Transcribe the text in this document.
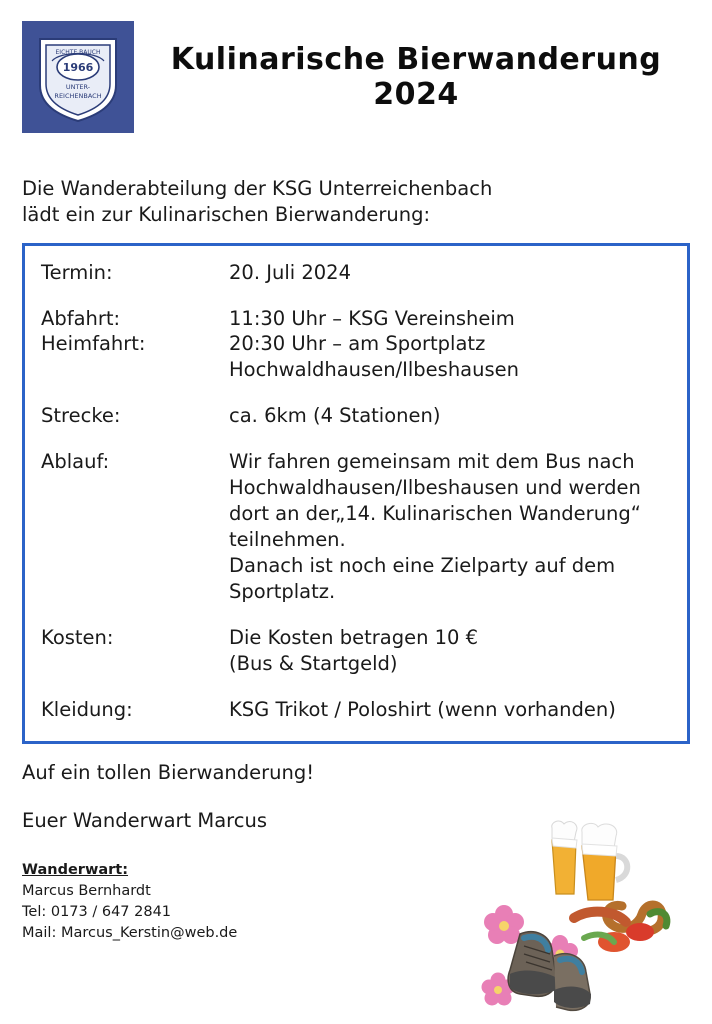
1966
EICHTE BAUCH
UNTER-
REICHENBACH
Kulinarische Bierwanderung 2024
Die Wanderabteilung der KSG Unterreichenbach
lädt ein zur Kulinarischen Bierwanderung:
Termin:	20. Juli 2024
Abfahrt:	11:30 Uhr – KSG Vereinsheim
Heimfahrt:	20:30 Uhr – am Sportplatz
Hochwaldhausen/Ilbeshausen
Strecke:	ca. 6km (4 Stationen)
Ablauf:	Wir fahren gemeinsam mit dem Bus nach
Hochwaldhausen/Ilbeshausen und werden
dort an der„14. Kulinarischen Wanderung“
teilnehmen.
Danach ist noch eine Zielparty auf dem
Sportplatz.
Kosten:	Die Kosten betragen 10 €
(Bus & Startgeld)
Kleidung:	KSG Trikot / Poloshirt (wenn vorhanden)
Auf ein tollen Bierwanderung!
Euer Wanderwart Marcus
Wanderwart:
Marcus Bernhardt
Tel: 0173 / 647 2841
Mail: Marcus_Kerstin@web.de
